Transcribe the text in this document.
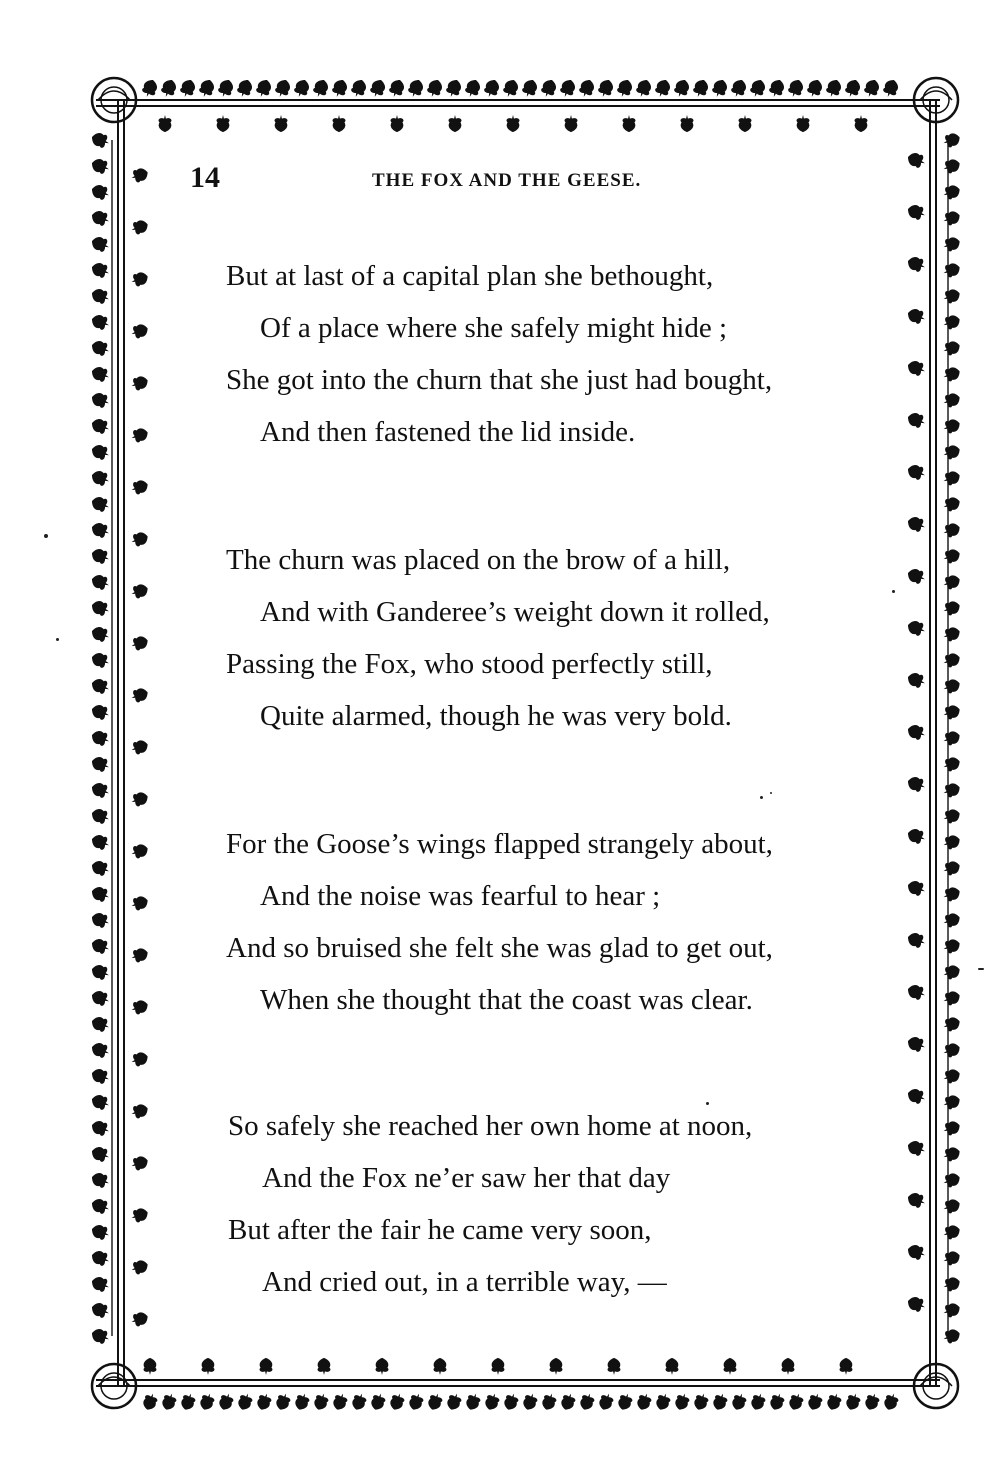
14	THE FOX AND THE GEESE.
But at last of a capital plan she bethought,
Of a place where she safely might hide ;
She got into the churn that she just had bought,
And then fastened the lid inside.
The churn was placed on the brow of a hill,
And with Ganderee’s weight down it rolled,
Passing the Fox, who stood perfectly still,
Quite alarmed, though he was very bold.
For the Goose’s wings flapped strangely about,
And the noise was fearful to hear ;
And so bruised she felt she was glad to get out,
When she thought that the coast was clear.
So safely she reached her own home at noon,
And the Fox ne’er saw her that day
But after the fair he came very soon,
And cried out, in a terrible way, —
